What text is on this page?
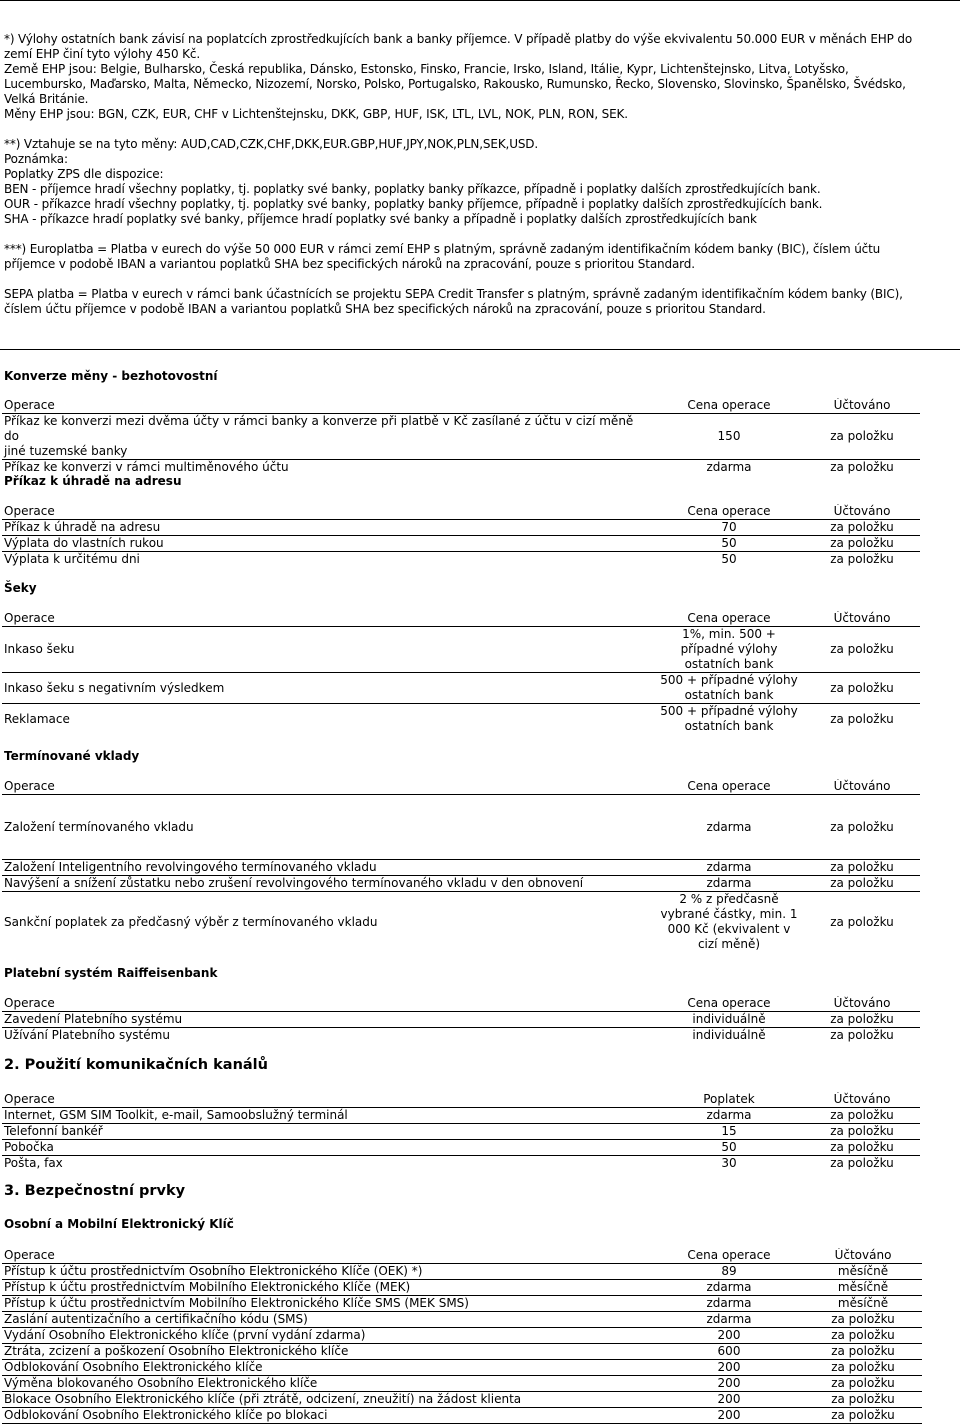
*) Výlohy ostatních bank závisí na poplatcích zprostředkujících bank a banky příjemce. V případě platby do výše ekvivalentu 50.000 EUR v měnách EHP do
zemí EHP činí tyto výlohy 450 Kč.

Země EHP jsou: Belgie, Bulharsko, Česká republika, Dánsko, Estonsko, Finsko, Francie, Irsko, Island, Itálie, Kypr, Lichtenštejnsko, Litva, Lotyšsko,
Lucembursko, Maďarsko, Malta, Německo, Nizozemí, Norsko, Polsko, Portugalsko, Rakousko, Rumunsko, Řecko, Slovensko, Slovinsko, Španělsko, Švédsko,
Velká Británie.

Měny EHP jsou: BGN, CZK, EUR, CHF v Lichtenštejnsku, DKK, GBP, HUF, ISK, LTL, LVL, NOK, PLN, RON, SEK.

**) Vztahuje se na tyto měny: AUD,CAD,CZK,CHF,DKK,EUR.GBP,HUF,JPY,NOK,PLN,SEK,USD.

Poznámka:

Poplatky ZPS dle dispozice:

BEN - příjemce hradí všechny poplatky, tj. poplatky své banky, poplatky banky příkazce, případně i poplatky dalších zprostředkujících bank.

OUR - příkazce hradí všechny poplatky, tj. poplatky své banky, poplatky banky příjemce, případně i poplatky dalších zprostředkujících bank.

SHA - příkazce hradí poplatky své banky, příjemce hradí poplatky své banky a případně i poplatky dalších zprostředkujících bank

***) Europlatba = Platba v eurech do výše 50 000 EUR v rámci zemí EHP s platným, správně zadaným identifikačním kódem banky (BIC), číslem účtu
příjemce v podobě IBAN a variantou poplatků SHA bez specifických nároků na zpracování, pouze s prioritou Standard.

SEPA platba = Platba v eurech v rámci bank účastnících se projektu SEPA Credit Transfer s platným, správně zadaným identifikačním kódem banky (BIC),
číslem účtu příjemce v podobě IBAN a variantou poplatků SHA bez specifických nároků na zpracování, pouze s prioritou Standard.

Konverze měny - bezhotovostní
Operace	Cena operace	Účtováno
Příkaz ke konverzi mezi dvěma účty v rámci banky a konverze při platbě v Kč zasílané z účtu v cizí měně do
jiné tuzemské banky	150	za položku
Příkaz ke konverzi v rámci multiměnového účtu	zdarma	za položku
Příkaz k úhradě na adresu
Operace	Cena operace	Účtováno
Příkaz k úhradě na adresu	70	za položku
Výplata do vlastních rukou	50	za položku
Výplata k určitému dni	50	za položku
Šeky
Operace	Cena operace	Účtováno
Inkaso šeku	1%, min. 500 +
případné výlohy
ostatních bank	za položku
Inkaso šeku s negativním výsledkem	500 + případné výlohy
ostatních bank	za položku
Reklamace	500 + případné výlohy
ostatních bank	za položku
Termínované vklady
Operace	Cena operace	Účtováno
Založení termínovaného vkladu	zdarma	za položku
Založení Inteligentního revolvingového termínovaného vkladu	zdarma	za položku
Navýšení a snížení zůstatku nebo zrušení revolvingového termínovaného vkladu v den obnovení	zdarma	za položku
Sankční poplatek za předčasný výběr z termínovaného vkladu	2 % z předčasně
vybrané částky, min. 1
000 Kč (ekvivalent v
cizí měně)	za položku
Platební systém Raiffeisenbank
Operace	Cena operace	Účtováno
Zavedení Platebního systému	individuálně	za položku
Užívání Platebního systému	individuálně	za položku
2. Použití komunikačních kanálů
Operace	Poplatek	Účtováno
Internet, GSM SIM Toolkit, e-mail, Samoobslužný terminál	zdarma	za položku
Telefonní bankéř	15	za položku
Pobočka	50	za položku
Pošta, fax	30	za položku
3. Bezpečnostní prvky
Osobní a Mobilní Elektronický Klíč
Operace	Cena operace	Účtováno
Přístup k účtu prostřednictvím Osobního Elektronického Klíče (OEK) *)	89	měsíčně
Přístup k účtu prostřednictvím Mobilního Elektronického Klíče (MEK)	zdarma	měsíčně
Přístup k účtu prostřednictvím Mobilního Elektronického Klíče SMS (MEK SMS)	zdarma	měsíčně
Zaslání autentizačního a certifikačního kódu (SMS)	zdarma	za položku
Vydání Osobního Elektronického klíče (první vydání zdarma)	200	za položku
Ztráta, zcizení a poškození Osobního Elektronického klíče	600	za položku
Odblokování Osobního Elektronického klíče	200	za položku
Výměna blokovaného Osobního Elektronického klíče	200	za položku
Blokace Osobního Elektronického klíče (při ztrátě, odcizení, zneužití) na žádost klienta	200	za položku
Odblokování Osobního Elektronického klíče po blokaci	200	za položku
